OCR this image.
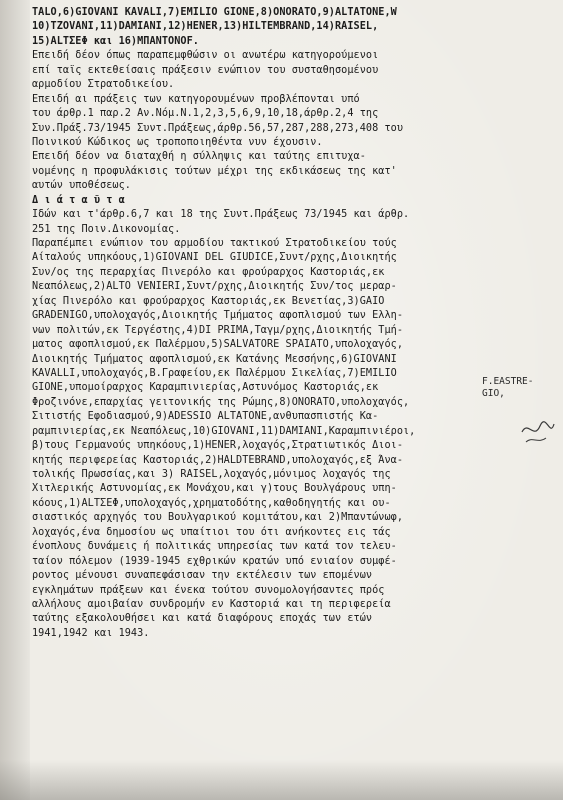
TALO,6)GIOVANI KAVALI,7)EMILIO GIONE,8)ONORATO,9)ALTATONE,W
10)TZOVANI,11)DAMIANI,12)HENER,13)HILTEMBRAND,14)RAISEL,
15)ALTΣΕΦ και 16)ΜΠΑΝΤΟΝΟF.
Επειδή δέον όπως παραπεμφθώσιν οι ανωτέρω κατηγορούμενοι
επί ταϊς εκτεθείσαις πράξεσιν ενώπιον του συσταθησομένου
αρμοδίου Στρατοδικείου.
Επειδή αι πράξεις των κατηγορουμένων προβλέπονται υπό
του άρθρ.1 παρ.2 Αν.Νόμ.Ν.1,2,3,5,6,9,10,18,άρθρ.2,4 της
Συν.Πράξ.73/1945 Συντ.Πράξεως,άρθρ.56,57,287,288,273,408 του
Ποινικού Κώδικος ως τροποποιηθέντα νυν έχουσιν.
Επειδή δέον να διαταχθή η σύλληψις και ταύτης επιτυχα-
νομένης η προφυλάκισις τούτων μέχρι της εκδικάσεως της κατ'
αυτών υποθέσεως.
Δ ι ά τ α ῦ τ α
Ιδών και τ'άρθρ.6,7 και 18 της Συντ.Πράξεως 73/1945 και άρθρ.
251 της Ποιν.Δικονομίας.
Παραπέμπει ενώπιον του αρμοδίου τακτικού Στρατοδικείου τούς
Αίταλούς υπηκόους,1)GIOVANI DEL GIUDICE,Συντ/ρχης,Διοικητής
Συν/ος της περαρχίας Πινερόλο και φρούραρχος Καστοριάς,εκ
Νεαπόλεως,2)ALTO VENIERI,Συντ/ρχης,Διοικητής Συν/τος μεραρ-
χίας Πινερόλο και φρούραρχος Καστοριάς,εκ Βενετίας,3)GAIO
GRADENIGO,υπολοχαγός,Διοικητής Τμήματος αφοπλισμού των Ελλη-
νων πολιτών,εκ Τεργέστης,4)DI PRIMA,Ταγμ/ρχης,Διοικητής Τμή-
ματος αφοπλισμού,εκ Παλέρμου,5)SALVATORE SPAIATO,υπολοχαγός,
Διοικητής Τμήματος αφοπλισμού,εκ Κατάνης Μεσσήνης,6)GIOVANI
KAVALLI,υπολοχαγός,Β.Γραφείου,εκ Παλέρμου Σικελίας,7)EMILIO
GIONE,υπομοίραρχος Καραμπινιερίας,Αστυνόμος Καστοριάς,εκ
Φροζινόνε,επαρχίας γειτονικής της Ρώμης,8)ONORATO,υπολοχαγός,
Σιτιστής Εφοδιασμού,9)ADESSIO ALTATONE,ανθυπασπιστής Κα-
ραμπινιερίας,εκ Νεαπόλεως,10)GIOVANI,11)DAMIANI,Καραμπινιέροι,
β)τους Γερμανούς υπηκόους,1)HENER,λοχαγός,Στρατιωτικός Διοι-
κητής περιφερείας Καστοριάς,2)HALDTEBRAND,υπολοχαγός,εξ Άνα-
τολικής Πρωσσίας,και 3) RAISEL,λοχαγός,μόνιμος λοχαγός της
Χιτλερικής Αστυνομίας,εκ Μονάχου,και γ)τους Βουλγάρους υπη-
κόους,1)ALTΣΕΦ,υπολοχαγός,χρηματοδότης,καθοδηγητής και ου-
σιαστικός αρχηγός του Βουλγαρικού κομιτάτου,και 2)Μπαντώνωφ,
λοχαγός,ένα δημοσίου ως υπαίτιοι του ότι ανήκοντες εις τάς
ένοπλους δυνάμεις ή πολιτικάς υπηρεσίας των κατά τον τελευ-
ταίον πόλεμον (1939-1945 εχθρικών κρατών υπό ενιαίον συμφέ-
ροντος μένουσι συναπεφάσισαν την εκτέλεσιν των επομένων
εγκλημάτων πράξεων και ένεκα τούτου συνομολογήσαντες πρός
αλλήλους αμοιβαίαν συνδρομήν εν Καστοριά και τη περιφερεία
ταύτης εξακολουθήσει και κατά διαφόρους εποχάς των ετών
1941,1942 και 1943.
F.EASTRE-
GIO,
